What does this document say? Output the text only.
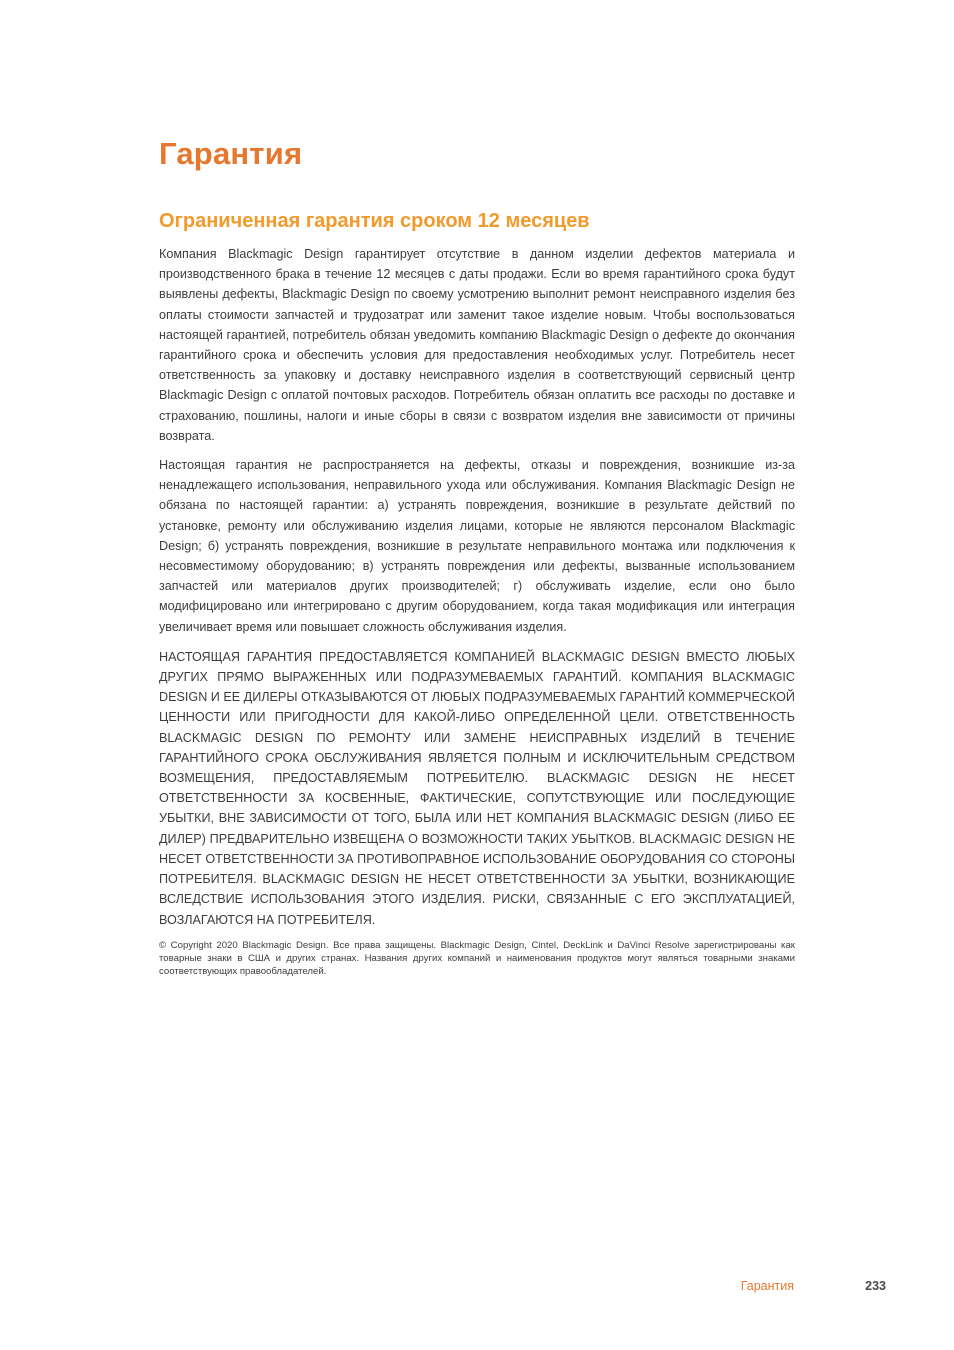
Гарантия
Ограниченная гарантия сроком 12 месяцев

Компания Blackmagic Design гарантирует отсутствие в данном изделии дефектов материала и производственного брака в течение 12 месяцев с даты продажи. Если во время гарантийного срока будут выявлены дефекты, Blackmagic Design по своему усмотрению выполнит ремонт неисправного изделия без оплаты стоимости запчастей и трудозатрат или заменит такое изделие новым. Чтобы воспользоваться настоящей гарантией, потребитель обязан уведомить компанию Blackmagic Design о дефекте до окончания гарантийного срока и обеспечить условия для предоставления необходимых услуг. Потребитель несет ответственность за упаковку и доставку неисправного изделия в соответствующий сервисный центр Blackmagic Design с оплатой почтовых расходов. Потребитель обязан оплатить все расходы по доставке и страхованию, пошлины, налоги и иные сборы в связи с возвратом изделия вне зависимости от причины возврата.

Настоящая гарантия не распространяется на дефекты, отказы и повреждения, возникшие из-за ненадлежащего использования, неправильного ухода или обслуживания. Компания Blackmagic Design не обязана по настоящей гарантии: а) устранять повреждения, возникшие в результате действий по установке, ремонту или обслуживанию изделия лицами, которые не являются персоналом Blackmagic Design; б) устранять повреждения, возникшие в результате неправильного монтажа или подключения к несовместимому оборудованию; в) устранять повреждения или дефекты, вызванные использованием запчастей или материалов других производителей; г) обслуживать изделие, если оно было модифицировано или интегрировано с другим оборудованием, когда такая модификация или интеграция увеличивает время или повышает сложность обслуживания изделия.

НАСТОЯЩАЯ ГАРАНТИЯ ПРЕДОСТАВЛЯЕТСЯ КОМПАНИЕЙ BLACKMAGIC DESIGN ВМЕСТО ЛЮБЫХ ДРУГИХ ПРЯМО ВЫРАЖЕННЫХ ИЛИ ПОДРАЗУМЕВАЕМЫХ ГАРАНТИЙ. КОМПАНИЯ BLACKMAGIC DESIGN И ЕЕ ДИЛЕРЫ ОТКАЗЫВАЮТСЯ ОТ ЛЮБЫХ ПОДРАЗУМЕВАЕМЫХ ГАРАНТИЙ КОММЕРЧЕСКОЙ ЦЕННОСТИ ИЛИ ПРИГОДНОСТИ ДЛЯ КАКОЙ-ЛИБО ОПРЕДЕЛЕННОЙ ЦЕЛИ. ОТВЕТСТВЕННОСТЬ BLACKMAGIC DESIGN ПО РЕМОНТУ ИЛИ ЗАМЕНЕ НЕИСПРАВНЫХ ИЗДЕЛИЙ В ТЕЧЕНИЕ ГАРАНТИЙНОГО СРОКА ОБСЛУЖИВАНИЯ ЯВЛЯЕТСЯ ПОЛНЫМ И ИСКЛЮЧИТЕЛЬНЫМ СРЕДСТВОМ ВОЗМЕЩЕНИЯ, ПРЕДОСТАВЛЯЕМЫМ ПОТРЕБИТЕЛЮ. BLACKMAGIC DESIGN НЕ НЕСЕТ ОТВЕТСТВЕННОСТИ ЗА КОСВЕННЫЕ, ФАКТИЧЕСКИЕ, СОПУТСТВУЮЩИЕ ИЛИ ПОСЛЕДУЮЩИЕ УБЫТКИ, ВНЕ ЗАВИСИМОСТИ ОТ ТОГО, БЫЛА ИЛИ НЕТ КОМПАНИЯ BLACKMAGIC DESIGN (ЛИБО ЕЕ ДИЛЕР) ПРЕДВАРИТЕЛЬНО ИЗВЕЩЕНА О ВОЗМОЖНОСТИ ТАКИХ УБЫТКОВ. BLACKMAGIC DESIGN НЕ НЕСЕТ ОТВЕТСТВЕННОСТИ ЗА ПРОТИВОПРАВНОЕ ИСПОЛЬЗОВАНИЕ ОБОРУДОВАНИЯ СО СТОРОНЫ ПОТРЕБИТЕЛЯ. BLACKMAGIC DESIGN НЕ НЕСЕТ ОТВЕТСТВЕННОСТИ ЗА УБЫТКИ, ВОЗНИКАЮЩИЕ ВСЛЕДСТВИЕ ИСПОЛЬЗОВАНИЯ ЭТОГО ИЗДЕЛИЯ. РИСКИ, СВЯЗАННЫЕ С ЕГО ЭКСПЛУАТАЦИЕЙ, ВОЗЛАГАЮТСЯ НА ПОТРЕБИТЕЛЯ.

© Copyright 2020 Blackmagic Design. Все права защищены. Blackmagic Design, Cintel, DeckLink и DaVinci Resolve зарегистрированы как товарные знаки в США и других странах. Названия других компаний и наименования продуктов могут являться товарными знаками соответствующих правообладателей.

Гарантия	233
